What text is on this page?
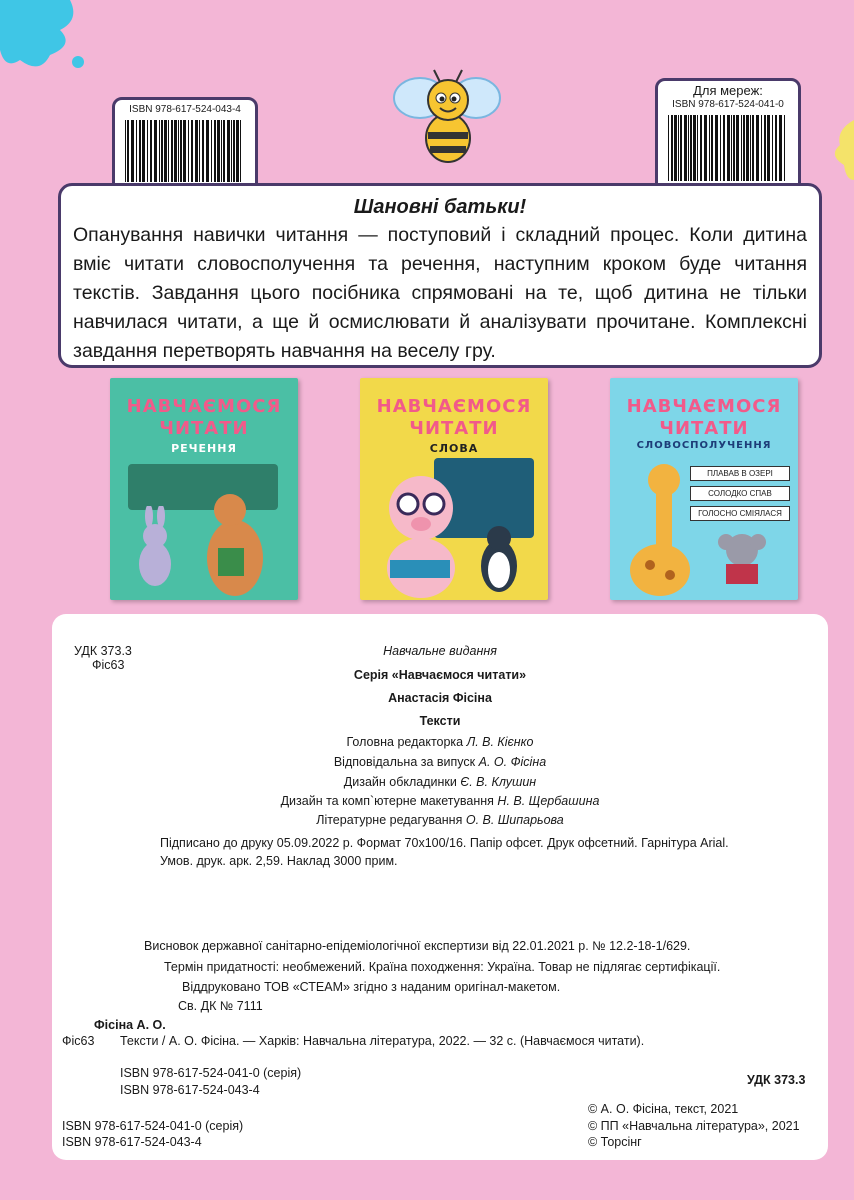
ISBN 978-617-524-043-4
Для мереж:
ISBN 978-617-524-041-0
Шановні батьки!

Опанування навички читання — поступовий і складний процес. Коли дитина вміє читати словосполучення та речення, наступним кроком буде читання текстів. Завдання цього посібника спрямовані на те, щоб дитина не тільки навчилася читати, а ще й осмислювати й аналізувати прочитане. Комплексні завдання перетворять навчання на веселу гру.

НАВЧАЄМОСЯ
ЧИТАТИ
РЕЧЕННЯ
НАВЧАЄМОСЯ
ЧИТАТИ
СЛОВА
НАВЧАЄМОСЯ
ЧИТАТИ
СЛОВОСПОЛУЧЕННЯ
ПЛАВАВ В ОЗЕРІ
СОЛОДКО СПАВ
ГОЛОСНО СМІЯЛАСЯ
УДК 373.3
Фіс63
Навчальне видання
Серія «Навчаємося читати»
Анастасія Фісіна
Тексти
Головна редакторка Л. В. Кієнко
Відповідальна за випуск А. О. Фісіна
Дизайн обкладинки Є. В. Клушин
Дизайн та комп`ютерне макетування Н. В. Щербашина
Літературне редагування О. В. Шипарьова
Підписано до друку 05.09.2022 р. Формат 70х100/16. Папір офсет. Друк офсетний. Гарнітура Arial.
Умов. друк. арк. 2,59. Наклад 3000 прим.
Висновок державної санітарно-епідеміологічної експертизи від 22.01.2021 р. № 12.2-18-1/629.
Термін придатності: необмежений. Країна походження: Україна. Товар не підлягає сертифікації.
Віддруковано ТОВ «СТЕАМ» згідно з наданим оригінал-макетом.
Св. ДК № 7111
Фісіна А. О.
Фіс63 Тексти / А. О. Фісіна. — Харків: Навчальна література, 2022. — 32 с. (Навчаємося читати).
ISBN 978-617-524-041-0 (серія)
ISBN 978-617-524-043-4
УДК 373.3
ISBN 978-617-524-041-0 (серія)
ISBN 978-617-524-043-4
© А. О. Фісіна, текст, 2021
© ПП «Навчальна література», 2021
© Торсінг
